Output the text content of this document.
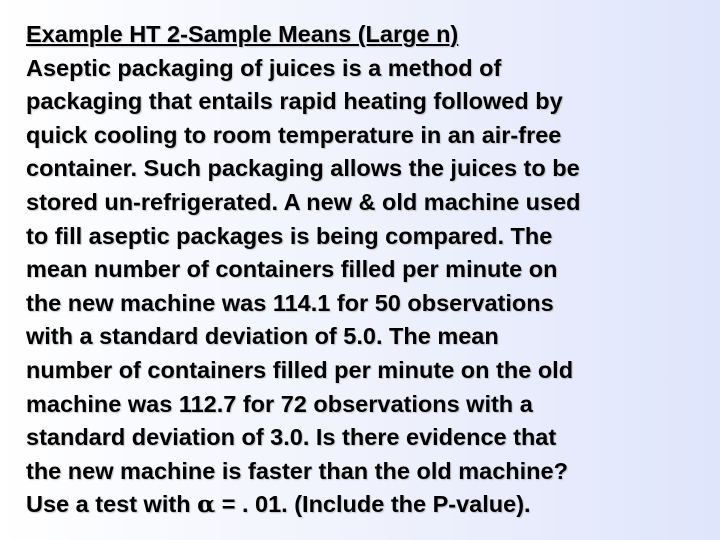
Example HT 2-Sample Means (Large n)
Aseptic packaging of juices is a method of
packaging that entails rapid heating followed by
quick cooling to room temperature in an air-free
container. Such packaging allows the juices to be
stored un-refrigerated. A new & old machine used
to fill aseptic packages is being compared. The
mean number of containers filled per minute on
the new machine was 114.1 for 50 observations
with a standard deviation of 5.0. The mean
number of containers filled per minute on the old
machine was 112.7 for 72 observations with a
standard deviation of 3.0. Is there evidence that
the new machine is faster than the old machine?
Use a test with α = . 01. (Include the P-value).
